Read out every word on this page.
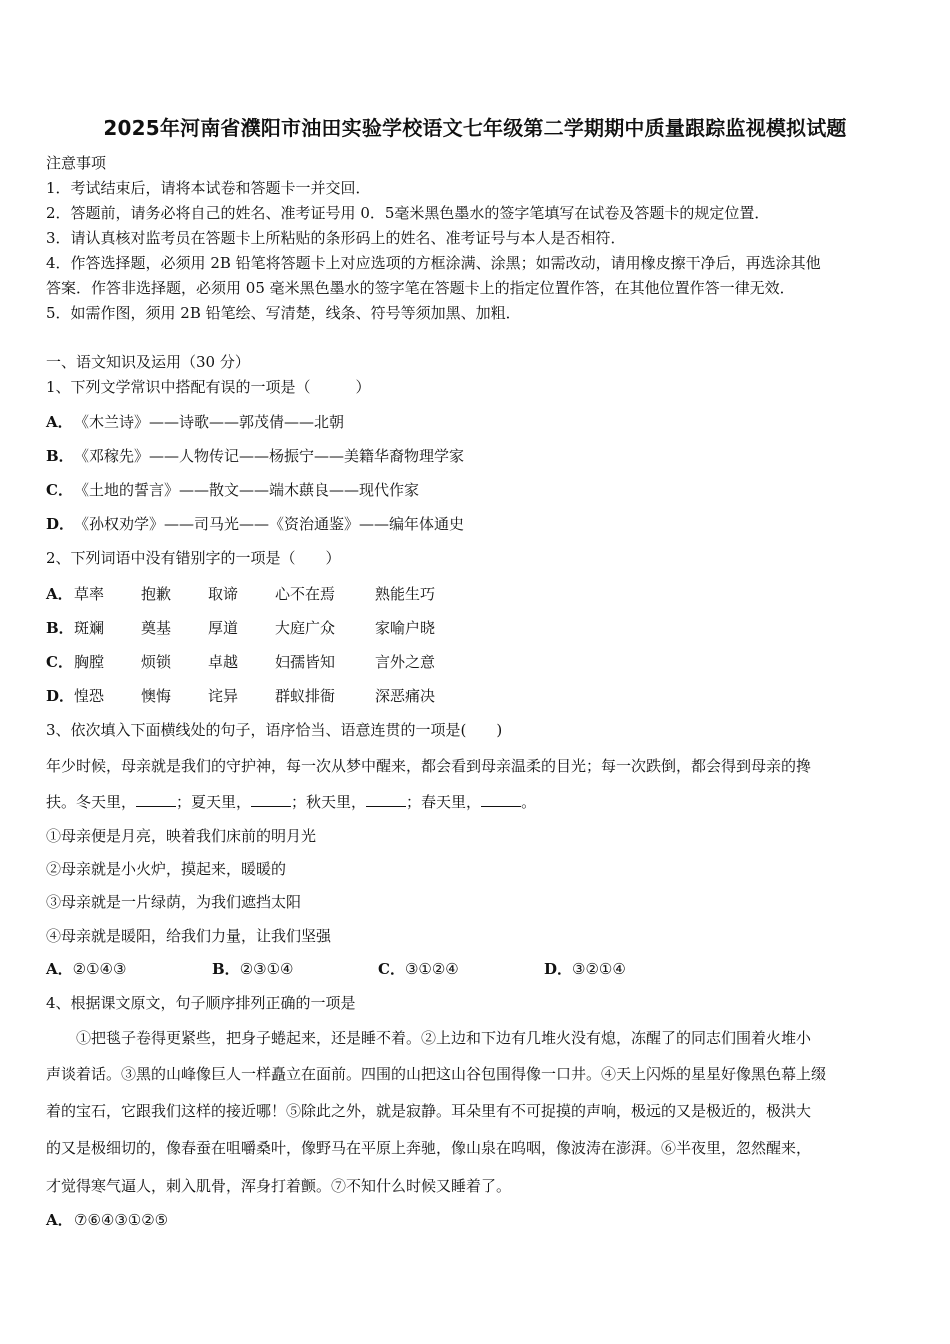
2025年河南省濮阳市油田实验学校语文七年级第二学期期中质量跟踪监视模拟试题
注意事项
1．考试结束后，请将本试卷和答题卡一并交回．
2．答题前，请务必将自己的姓名、准考证号用 0．5毫米黑色墨水的签字笔填写在试卷及答题卡的规定位置．
3．请认真核对监考员在答题卡上所粘贴的条形码上的姓名、准考证号与本人是否相符．
4．作答选择题，必须用 2B 铅笔将答题卡上对应选项的方框涂满、涂黑；如需改动，请用橡皮擦干净后，再选涂其他
答案．作答非选择题，必须用 05 毫米黑色墨水的签字笔在答题卡上的指定位置作答，在其他位置作答一律无效．
5．如需作图，须用 2B 铅笔绘、写清楚，线条、符号等须加黑、加粗．
一、语文知识及运用（30 分）
1、下列文学常识中搭配有误的一项是（　　　）
A．《木兰诗》——诗歌——郭茂倩——北朝
B．《邓稼先》——人物传记——杨振宁——美籍华裔物理学家
C．《土地的誓言》——散文——端木蕻良——现代作家
D．《孙权劝学》——司马光——《资治通鉴》——编年体通史
2、下列词语中没有错别字的一项是（　　）
A．草率 抱歉 取谛 心不在焉	熟能生巧
B．斑斓 奠基 厚道 大庭广众	家喻户晓
C．胸膛 烦锁 卓越 妇孺皆知	言外之意
D．惶恐 懊悔 诧异 群蚁排衙	深恶痛决
3、依次填入下面横线处的句子，语序恰当、语意连贯的一项是(　　)
年少时候，母亲就是我们的守护神，每一次从梦中醒来，都会看到母亲温柔的目光；每一次跌倒，都会得到母亲的搀
扶。冬天里，	；夏天里，	；秋天里，	；春天里，	。
①母亲便是月亮，映着我们床前的明月光
②母亲就是小火炉，摸起来，暖暖的
③母亲就是一片绿荫，为我们遮挡太阳
④母亲就是暖阳，给我们力量，让我们坚强
A．②①④③	B．②③①④	C．③①②④	D．③②①④
4、根据课文原文，句子顺序排列正确的一项是
　　①把毯子卷得更紧些，把身子蜷起来，还是睡不着。②上边和下边有几堆火没有熄，冻醒了的同志们围着火堆小
声谈着话。③黑的山峰像巨人一样矗立在面前。四围的山把这山谷包围得像一口井。④天上闪烁的星星好像黑色幕上缀
着的宝石，它跟我们这样的接近哪！⑤除此之外，就是寂静。耳朵里有不可捉摸的声响，极远的又是极近的，极洪大
的又是极细切的，像春蚕在咀嚼桑叶，像野马在平原上奔驰，像山泉在呜咽，像波涛在澎湃。⑥半夜里，忽然醒来，
才觉得寒气逼人，刺入肌骨，浑身打着颤。⑦不知什么时候又睡着了。
A．⑦⑥④③①②⑤
